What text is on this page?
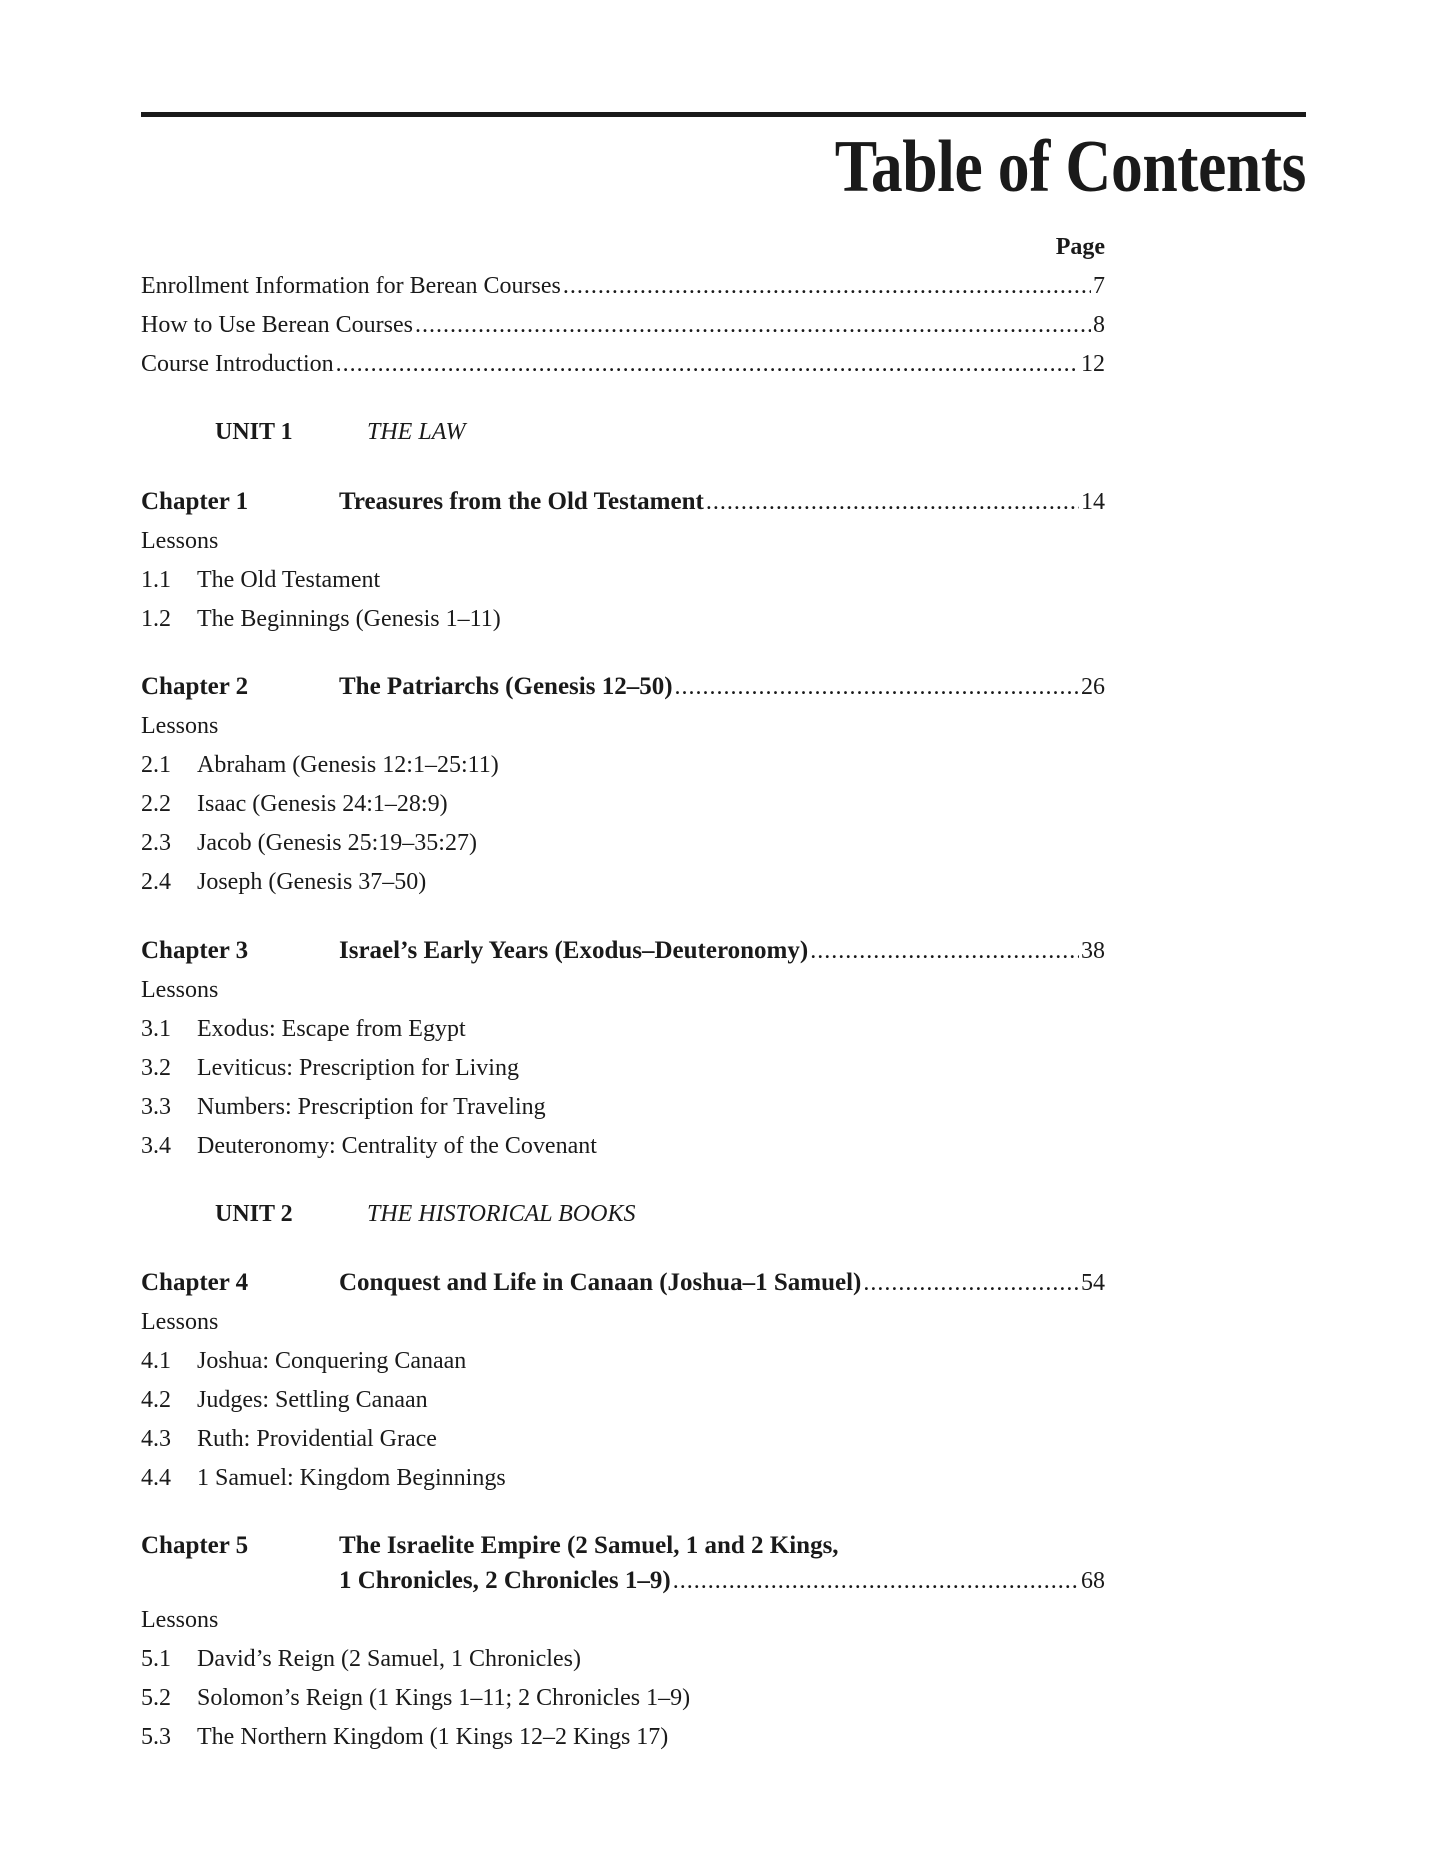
Table of Contents
Page
Enrollment Information for Berean Courses .....	7
How to Use Berean Courses .....	8
Course Introduction .....	12
UNIT 1	THE LAW
Chapter 1	Treasures from the Old Testament .....	14
Lessons
1.1 The Old Testament
1.2 The Beginnings (Genesis 1–11)
Chapter 2	The Patriarchs (Genesis 12–50) .....	26
Lessons
2.1 Abraham (Genesis 12:1–25:11)
2.2 Isaac (Genesis 24:1–28:9)
2.3 Jacob (Genesis 25:19–35:27)
2.4 Joseph (Genesis 37–50)
Chapter 3	Israel’s Early Years (Exodus–Deuteronomy) .....	38
Lessons
3.1 Exodus: Escape from Egypt
3.2 Leviticus: Prescription for Living
3.3 Numbers: Prescription for Traveling
3.4 Deuteronomy: Centrality of the Covenant
UNIT 2	THE HISTORICAL BOOKS
Chapter 4	Conquest and Life in Canaan (Joshua–1 Samuel) .....	54
Lessons
4.1 Joshua: Conquering Canaan
4.2 Judges: Settling Canaan
4.3 Ruth: Providential Grace
4.4 1 Samuel: Kingdom Beginnings
Chapter 5	The Israelite Empire (2 Samuel, 1 and 2 Kings,
1 Chronicles, 2 Chronicles 1–9) .....	68
Lessons
5.1 David’s Reign (2 Samuel, 1 Chronicles)
5.2 Solomon’s Reign (1 Kings 1–11; 2 Chronicles 1–9)
5.3 The Northern Kingdom (1 Kings 12–2 Kings 17)
